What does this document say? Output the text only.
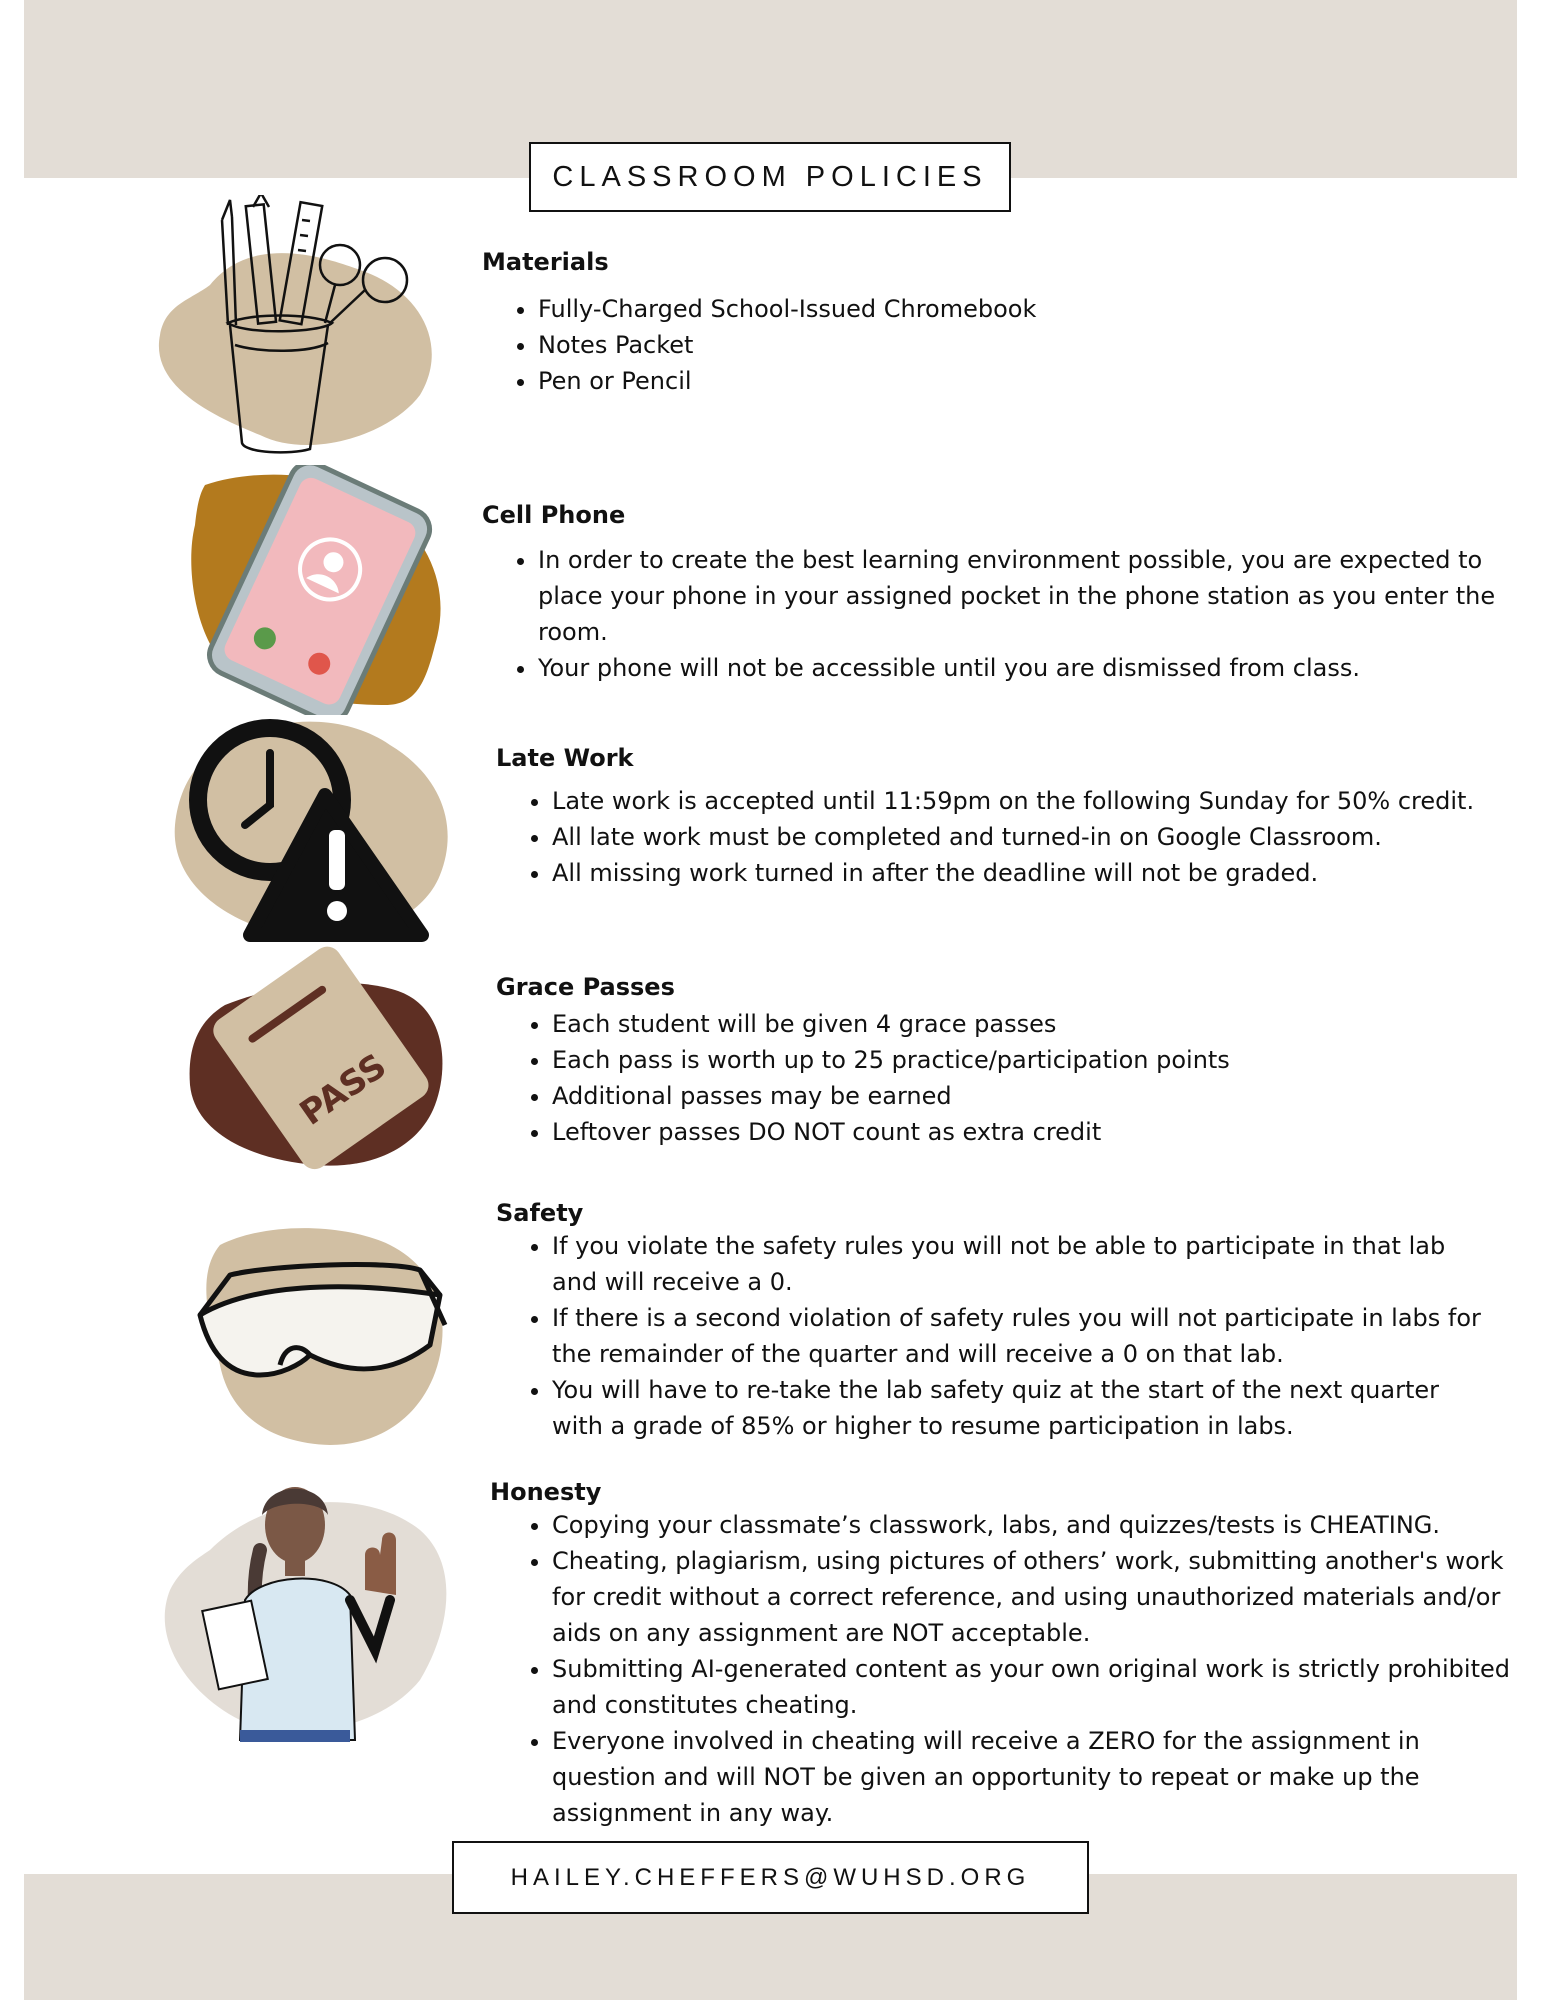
CLASSROOM POLICIES
PASS
Materials
• Fully-Charged School-Issued Chromebook
• Notes Packet
• Pen or Pencil
Cell Phone
• In order to create the best learning environment possible, you are expected to place your phone in your assigned pocket in the phone station as you enter the room.
• Your phone will not be accessible until you are dismissed from class.
Late Work
• Late work is accepted until 11:59pm on the following Sunday for 50% credit.
• All late work must be completed and turned-in on Google Classroom.
• All missing work turned in after the deadline will not be graded.
Grace Passes
• Each student will be given 4 grace passes
• Each pass is worth up to 25 practice/participation points
• Additional passes may be earned
• Leftover passes DO NOT count as extra credit
Safety
• If you violate the safety rules you will not be able to participate in that lab and will receive a 0.
• If there is a second violation of safety rules you will not participate in labs for the remainder of the quarter and will receive a 0 on that lab.
• You will have to re-take the lab safety quiz at the start of the next quarter with a grade of 85% or higher to resume participation in labs.
Honesty
• Copying your classmate’s classwork, labs, and quizzes/tests is CHEATING.
• Cheating, plagiarism, using pictures of others’ work, submitting another's work for credit without a correct reference, and using unauthorized materials and/or aids on any assignment are NOT acceptable.
• Submitting AI-generated content as your own original work is strictly prohibited and constitutes cheating.
• Everyone involved in cheating will receive a ZERO for the assignment in question and will NOT be given an opportunity to repeat or make up the assignment in any way.
HAILEY.CHEFFERS@WUHSD.ORG
